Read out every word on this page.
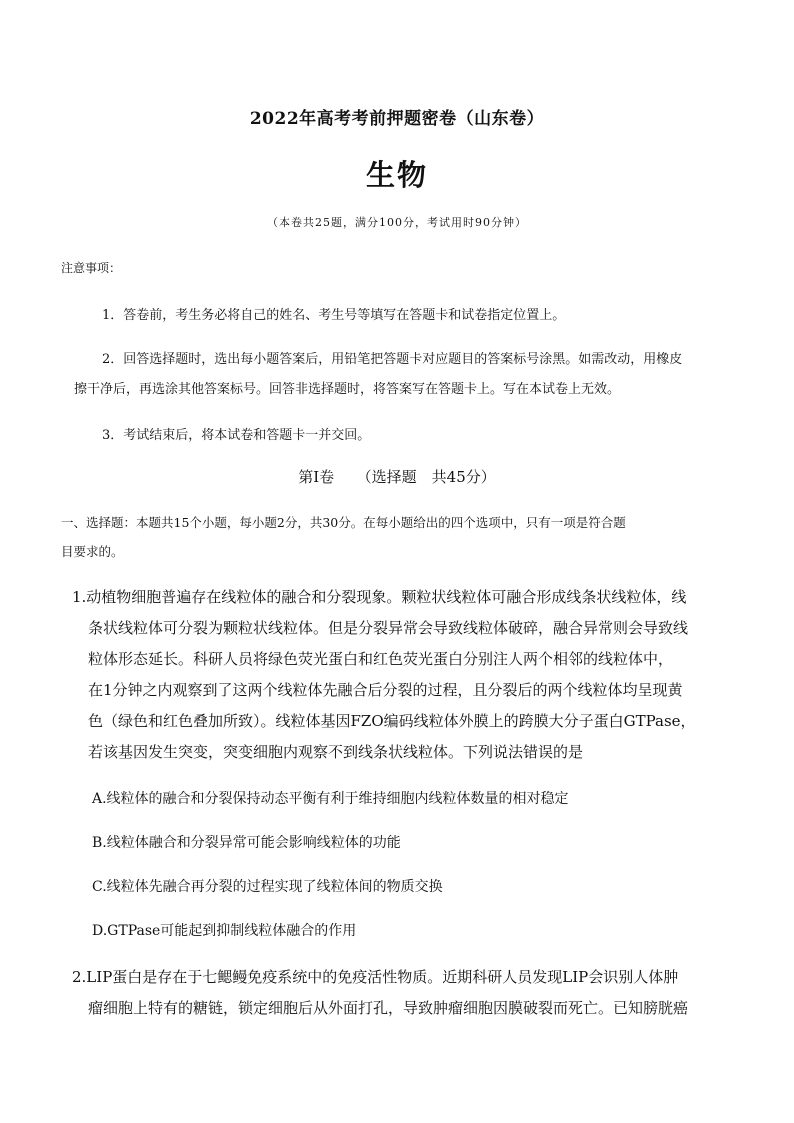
2022年高考考前押题密卷（山东卷）
生物
（本卷共25题，满分100分，考试用时90分钟）
注意事项：
1．答卷前，考生务必将自己的姓名、考生号等填写在答题卡和试卷指定位置上。
2．回答选择题时，选出每小题答案后，用铅笔把答题卡对应题目的答案标号涂黑。如需改动，用橡皮
擦干净后，再选涂其他答案标号。回答非选择题时，将答案写在答题卡上。写在本试卷上无效。
3．考试结束后，将本试卷和答题卡一并交回。
第Ⅰ卷　　（选择题　共45分）
一、选择题：本题共15个小题，每小题2分，共30分。在每小题给出的四个选项中，只有一项是符合题
目要求的。
1.动植物细胞普遍存在线粒体的融合和分裂现象。颗粒状线粒体可融合形成线条状线粒体，线
条状线粒体可分裂为颗粒状线粒体。但是分裂异常会导致线粒体破碎，融合异常则会导致线
粒体形态延长。科研人员将绿色荧光蛋白和红色荧光蛋白分别注人两个相邻的线粒体中，
在1分钟之内观察到了这两个线粒体先融合后分裂的过程，且分裂后的两个线粒体均呈现黄
色（绿色和红色叠加所致）。线粒体基因FZO编码线粒体外膜上的跨膜大分子蛋白GTPase，
若该基因发生突变，突变细胞内观察不到线条状线粒体。下列说法错误的是
A.线粒体的融合和分裂保持动态平衡有利于维持细胞内线粒体数量的相对稳定
B.线粒体融合和分裂异常可能会影响线粒体的功能
C.线粒体先融合再分裂的过程实现了线粒体间的物质交换
D.GTPase可能起到抑制线粒体融合的作用
2.LIP蛋白是存在于七鳃鳗免疫系统中的免疫活性物质。近期科研人员发现LIP会识别人体肿
瘤细胞上特有的糖链，锁定细胞后从外面打孔，导致肿瘤细胞因膜破裂而死亡。已知膀胱癌
